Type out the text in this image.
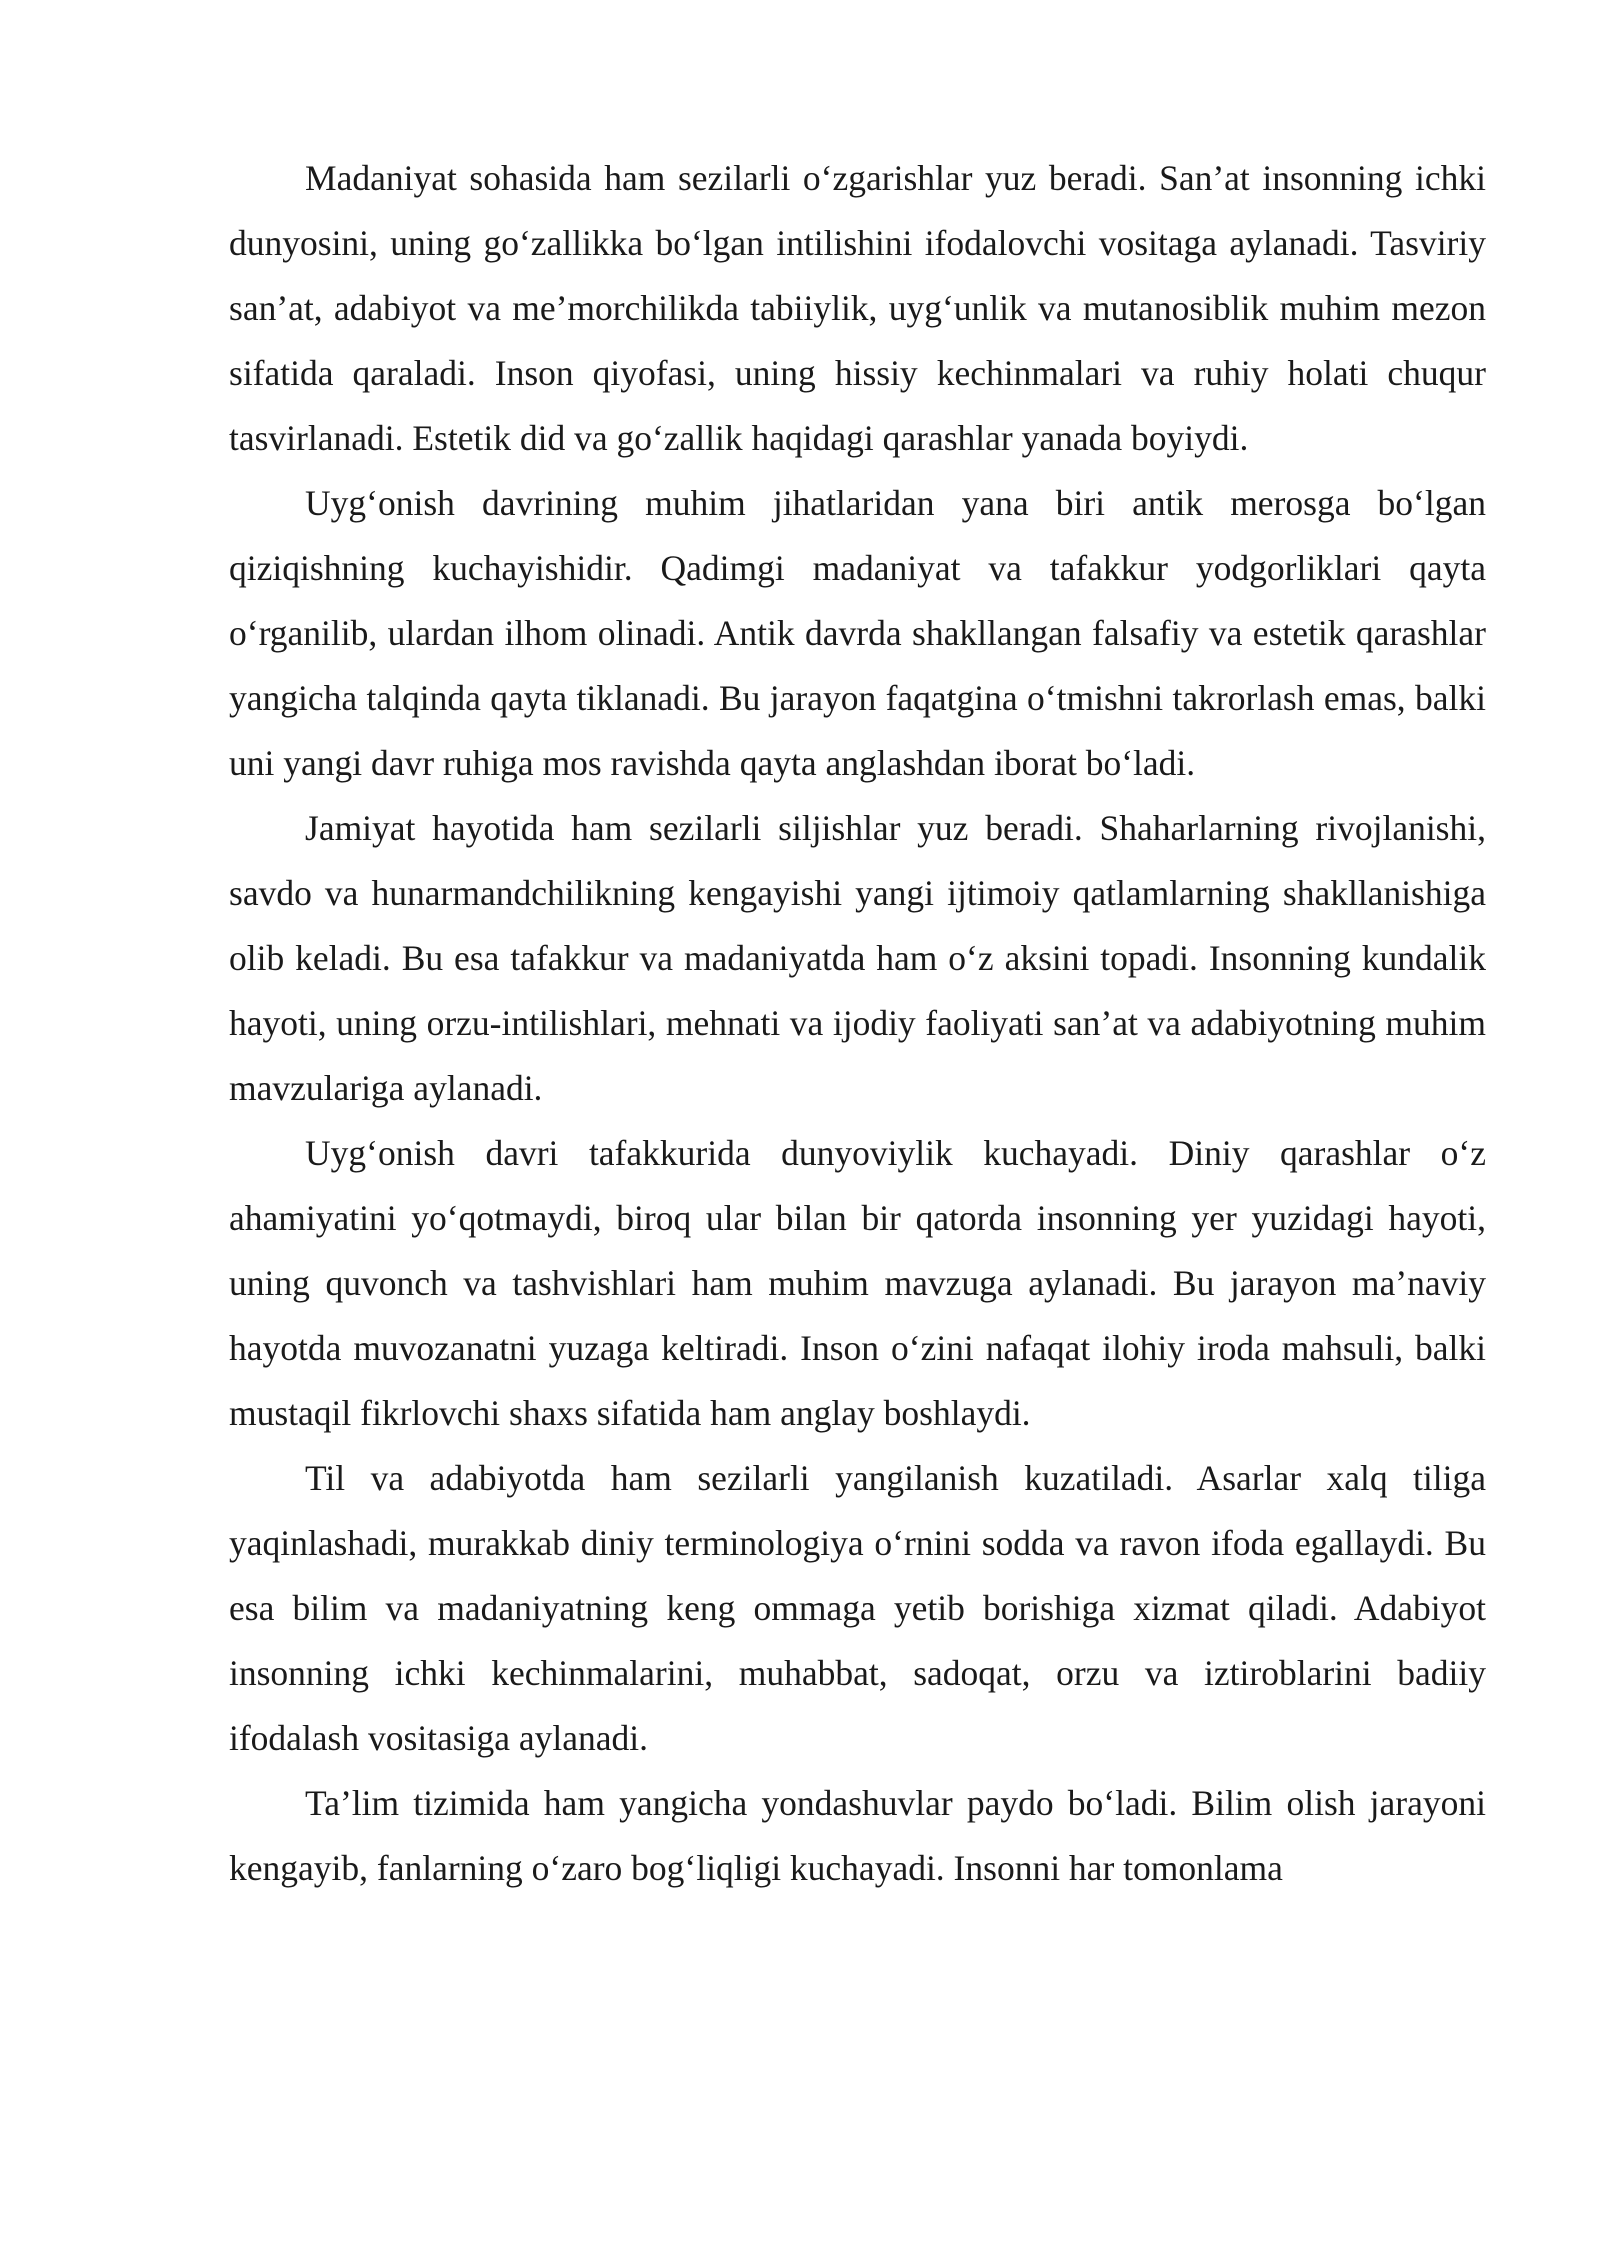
Madaniyat sohasida ham sezilarli o‘zgarishlar yuz beradi. San’at insonning ichki dunyosini, uning go‘zallikka bo‘lgan intilishini ifodalovchi vositaga aylanadi. Tasviriy san’at, adabiyot va me’morchilikda tabiiylik, uyg‘unlik va mutanosiblik muhim mezon sifatida qaraladi. Inson qiyofasi, uning hissiy kechinmalari va ruhiy holati chuqur tasvirlanadi. Estetik did va go‘zallik haqidagi qarashlar yanada boyiydi.

Uyg‘onish davrining muhim jihatlaridan yana biri antik merosga bo‘lgan qiziqishning kuchayishidir. Qadimgi madaniyat va tafakkur yodgorliklari qayta o‘rganilib, ulardan ilhom olinadi. Antik davrda shakllangan falsafiy va estetik qarashlar yangicha talqinda qayta tiklanadi. Bu jarayon faqatgina o‘tmishni takrorlash emas, balki uni yangi davr ruhiga mos ravishda qayta anglashdan iborat bo‘ladi.

Jamiyat hayotida ham sezilarli siljishlar yuz beradi. Shaharlarning rivojlanishi, savdo va hunarmandchilikning kengayishi yangi ijtimoiy qatlamlarning shakllanishiga olib keladi. Bu esa tafakkur va madaniyatda ham o‘z aksini topadi. Insonning kundalik hayoti, uning orzu-intilishlari, mehnati va ijodiy faoliyati san’at va adabiyotning muhim mavzulariga aylanadi.

Uyg‘onish davri tafakkurida dunyoviylik kuchayadi. Diniy qarashlar o‘z ahamiyatini yo‘qotmaydi, biroq ular bilan bir qatorda insonning yer yuzidagi hayoti, uning quvonch va tashvishlari ham muhim mavzuga aylanadi. Bu jarayon ma’naviy hayotda muvozanatni yuzaga keltiradi. Inson o‘zini nafaqat ilohiy iroda mahsuli, balki mustaqil fikrlovchi shaxs sifatida ham anglay boshlaydi.

Til va adabiyotda ham sezilarli yangilanish kuzatiladi. Asarlar xalq tiliga yaqinlashadi, murakkab diniy terminologiya o‘rnini sodda va ravon ifoda egallaydi. Bu esa bilim va madaniyatning keng ommaga yetib borishiga xizmat qiladi. Adabiyot insonning ichki kechinmalarini, muhabbat, sadoqat, orzu va iztiroblarini badiiy ifodalash vositasiga aylanadi.

Ta’lim tizimida ham yangicha yondashuvlar paydo bo‘ladi. Bilim olish jarayoni kengayib, fanlarning o‘zaro bog‘liqligi kuchayadi. Insonni har tomonlama
